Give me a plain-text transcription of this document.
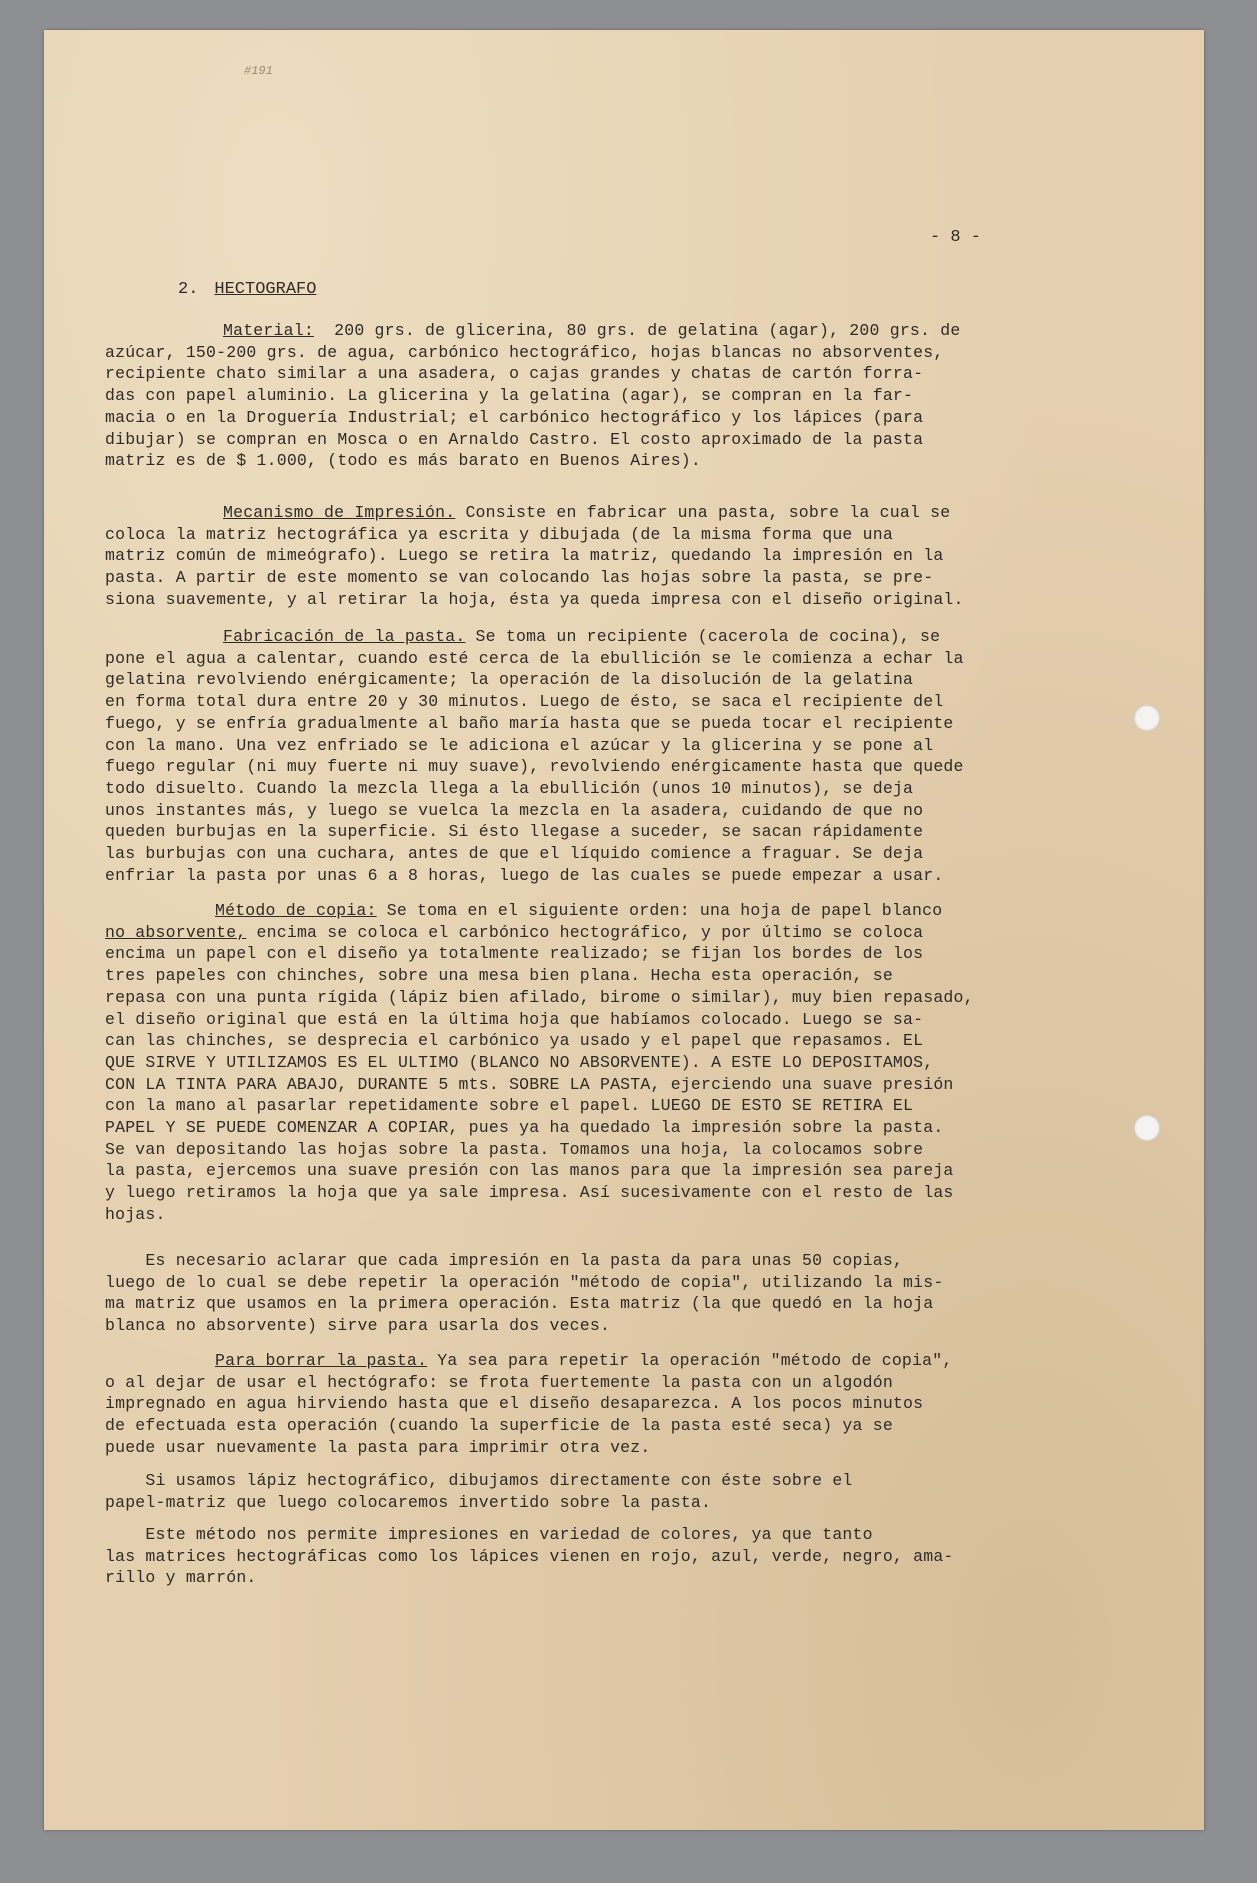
#191
- 8 -
2. HECTOGRAFO
Material:  200 grs. de glicerina, 80 grs. de gelatina (agar), 200 grs. de
azúcar, 150-200 grs. de agua, carbónico hectográfico, hojas blancas no absorventes,
recipiente chato similar a una asadera, o cajas grandes y chatas de cartón forra-
das con papel aluminio. La glicerina y la gelatina (agar), se compran en la far-
macia o en la Droguería Industrial; el carbónico hectográfico y los lápices (para
dibujar) se compran en Mosca o en Arnaldo Castro. El costo aproximado de la pasta
matriz es de $ 1.000, (todo es más barato en Buenos Aires).
Mecanismo de Impresión. Consiste en fabricar una pasta, sobre la cual se
coloca la matriz hectográfica ya escrita y dibujada (de la misma forma que una
matriz común de mimeógrafo). Luego se retira la matriz, quedando la impresión en la
pasta. A partir de este momento se van colocando las hojas sobre la pasta, se pre-
siona suavemente, y al retirar la hoja, ésta ya queda impresa con el diseño original.
Fabricación de la pasta. Se toma un recipiente (cacerola de cocina), se
pone el agua a calentar, cuando esté cerca de la ebullición se le comienza a echar la
gelatina revolviendo enérgicamente; la operación de la disolución de la gelatina
en forma total dura entre 20 y 30 minutos. Luego de ésto, se saca el recipiente del
fuego, y se enfría gradualmente al baño maría hasta que se pueda tocar el recipiente
con la mano. Una vez enfriado se le adiciona el azúcar y la glicerina y se pone al
fuego regular (ni muy fuerte ni muy suave), revolviendo enérgicamente hasta que quede
todo disuelto. Cuando la mezcla llega a la ebullición (unos 10 minutos), se deja
unos instantes más, y luego se vuelca la mezcla en la asadera, cuidando de que no
queden burbujas en la superficie. Si ésto llegase a suceder, se sacan rápidamente
las burbujas con una cuchara, antes de que el líquido comience a fraguar. Se deja
enfriar la pasta por unas 6 a 8 horas, luego de las cuales se puede empezar a usar.

Método de copia: Se toma en el siguiente orden: una hoja de papel blanco
no absorvente, encima se coloca el carbónico hectográfico, y por último se coloca
encima un papel con el diseño ya totalmente realizado; se fijan los bordes de los
tres papeles con chinches, sobre una mesa bien plana. Hecha esta operación, se
repasa con una punta rígida (lápiz bien afilado, birome o similar), muy bien repasado,
el diseño original que está en la última hoja que habíamos colocado. Luego se sa-
can las chinches, se desprecia el carbónico ya usado y el papel que repasamos. EL
QUE SIRVE Y UTILIZAMOS ES EL ULTIMO (BLANCO NO ABSORVENTE). A ESTE LO DEPOSITAMOS,
CON LA TINTA PARA ABAJO, DURANTE 5 mts. SOBRE LA PASTA, ejerciendo una suave presión
con la mano al pasarlar repetidamente sobre el papel. LUEGO DE ESTO SE RETIRA EL
PAPEL Y SE PUEDE COMENZAR A COPIAR, pues ya ha quedado la impresión sobre la pasta.
Se van depositando las hojas sobre la pasta. Tomamos una hoja, la colocamos sobre
la pasta, ejercemos una suave presión con las manos para que la impresión sea pareja
y luego retiramos la hoja que ya sale impresa. Así sucesivamente con el resto de las
hojas.
Es necesario aclarar que cada impresión en la pasta da para unas 50 copias,
luego de lo cual se debe repetir la operación "método de copia", utilizando la mis-
ma matriz que usamos en la primera operación. Esta matriz (la que quedó en la hoja
blanca no absorvente) sirve para usarla dos veces.
Para borrar la pasta. Ya sea para repetir la operación "método de copia",
o al dejar de usar el hectógrafo: se frota fuertemente la pasta con un algodón
impregnado en agua hirviendo hasta que el diseño desaparezca. A los pocos minutos
de efectuada esta operación (cuando la superficie de la pasta esté seca) ya se
puede usar nuevamente la pasta para imprimir otra vez.
Si usamos lápiz hectográfico, dibujamos directamente con éste sobre el
papel-matriz que luego colocaremos invertido sobre la pasta.
Este método nos permite impresiones en variedad de colores, ya que tanto
las matrices hectográficas como los lápices vienen en rojo, azul, verde, negro, ama-
rillo y marrón.
